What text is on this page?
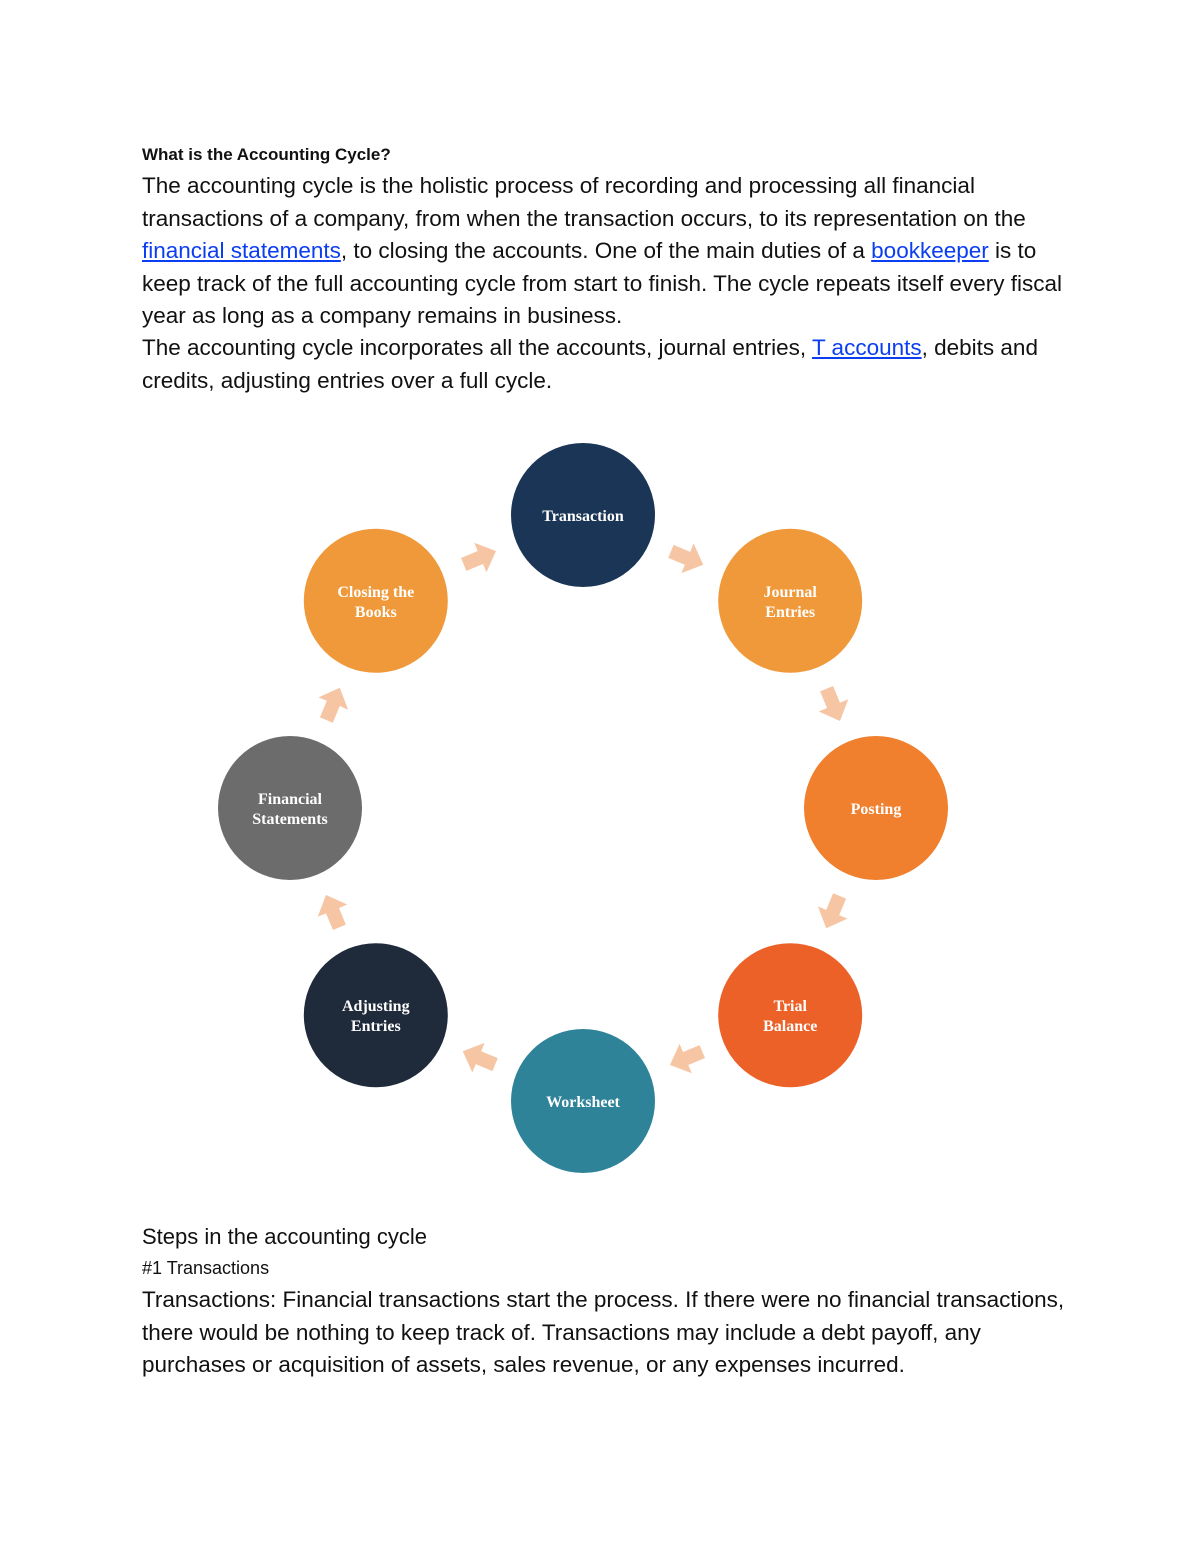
What is the Accounting Cycle?

The accounting cycle is the holistic process of recording and processing all financial transactions of a company, from when the transaction occurs, to its representation on the financial statements, to closing the accounts. One of the main duties of a bookkeeper is to keep track of the full accounting cycle from start to finish. The cycle repeats itself every fiscal year as long as a company remains in business.

The accounting cycle incorporates all the accounts, journal entries, T accounts, debits and credits, adjusting entries over a full cycle.

Transaction
Journal
Entries
Posting
Trial
Balance
Worksheet
Adjusting
Entries
Financial
Statements
Closing the
Books

Steps in the accounting cycle

#1 Transactions

Transactions: Financial transactions start the process. If there were no financial transactions, there would be nothing to keep track of. Transactions may include a debt payoff, any purchases or acquisition of assets, sales revenue, or any expenses incurred.
